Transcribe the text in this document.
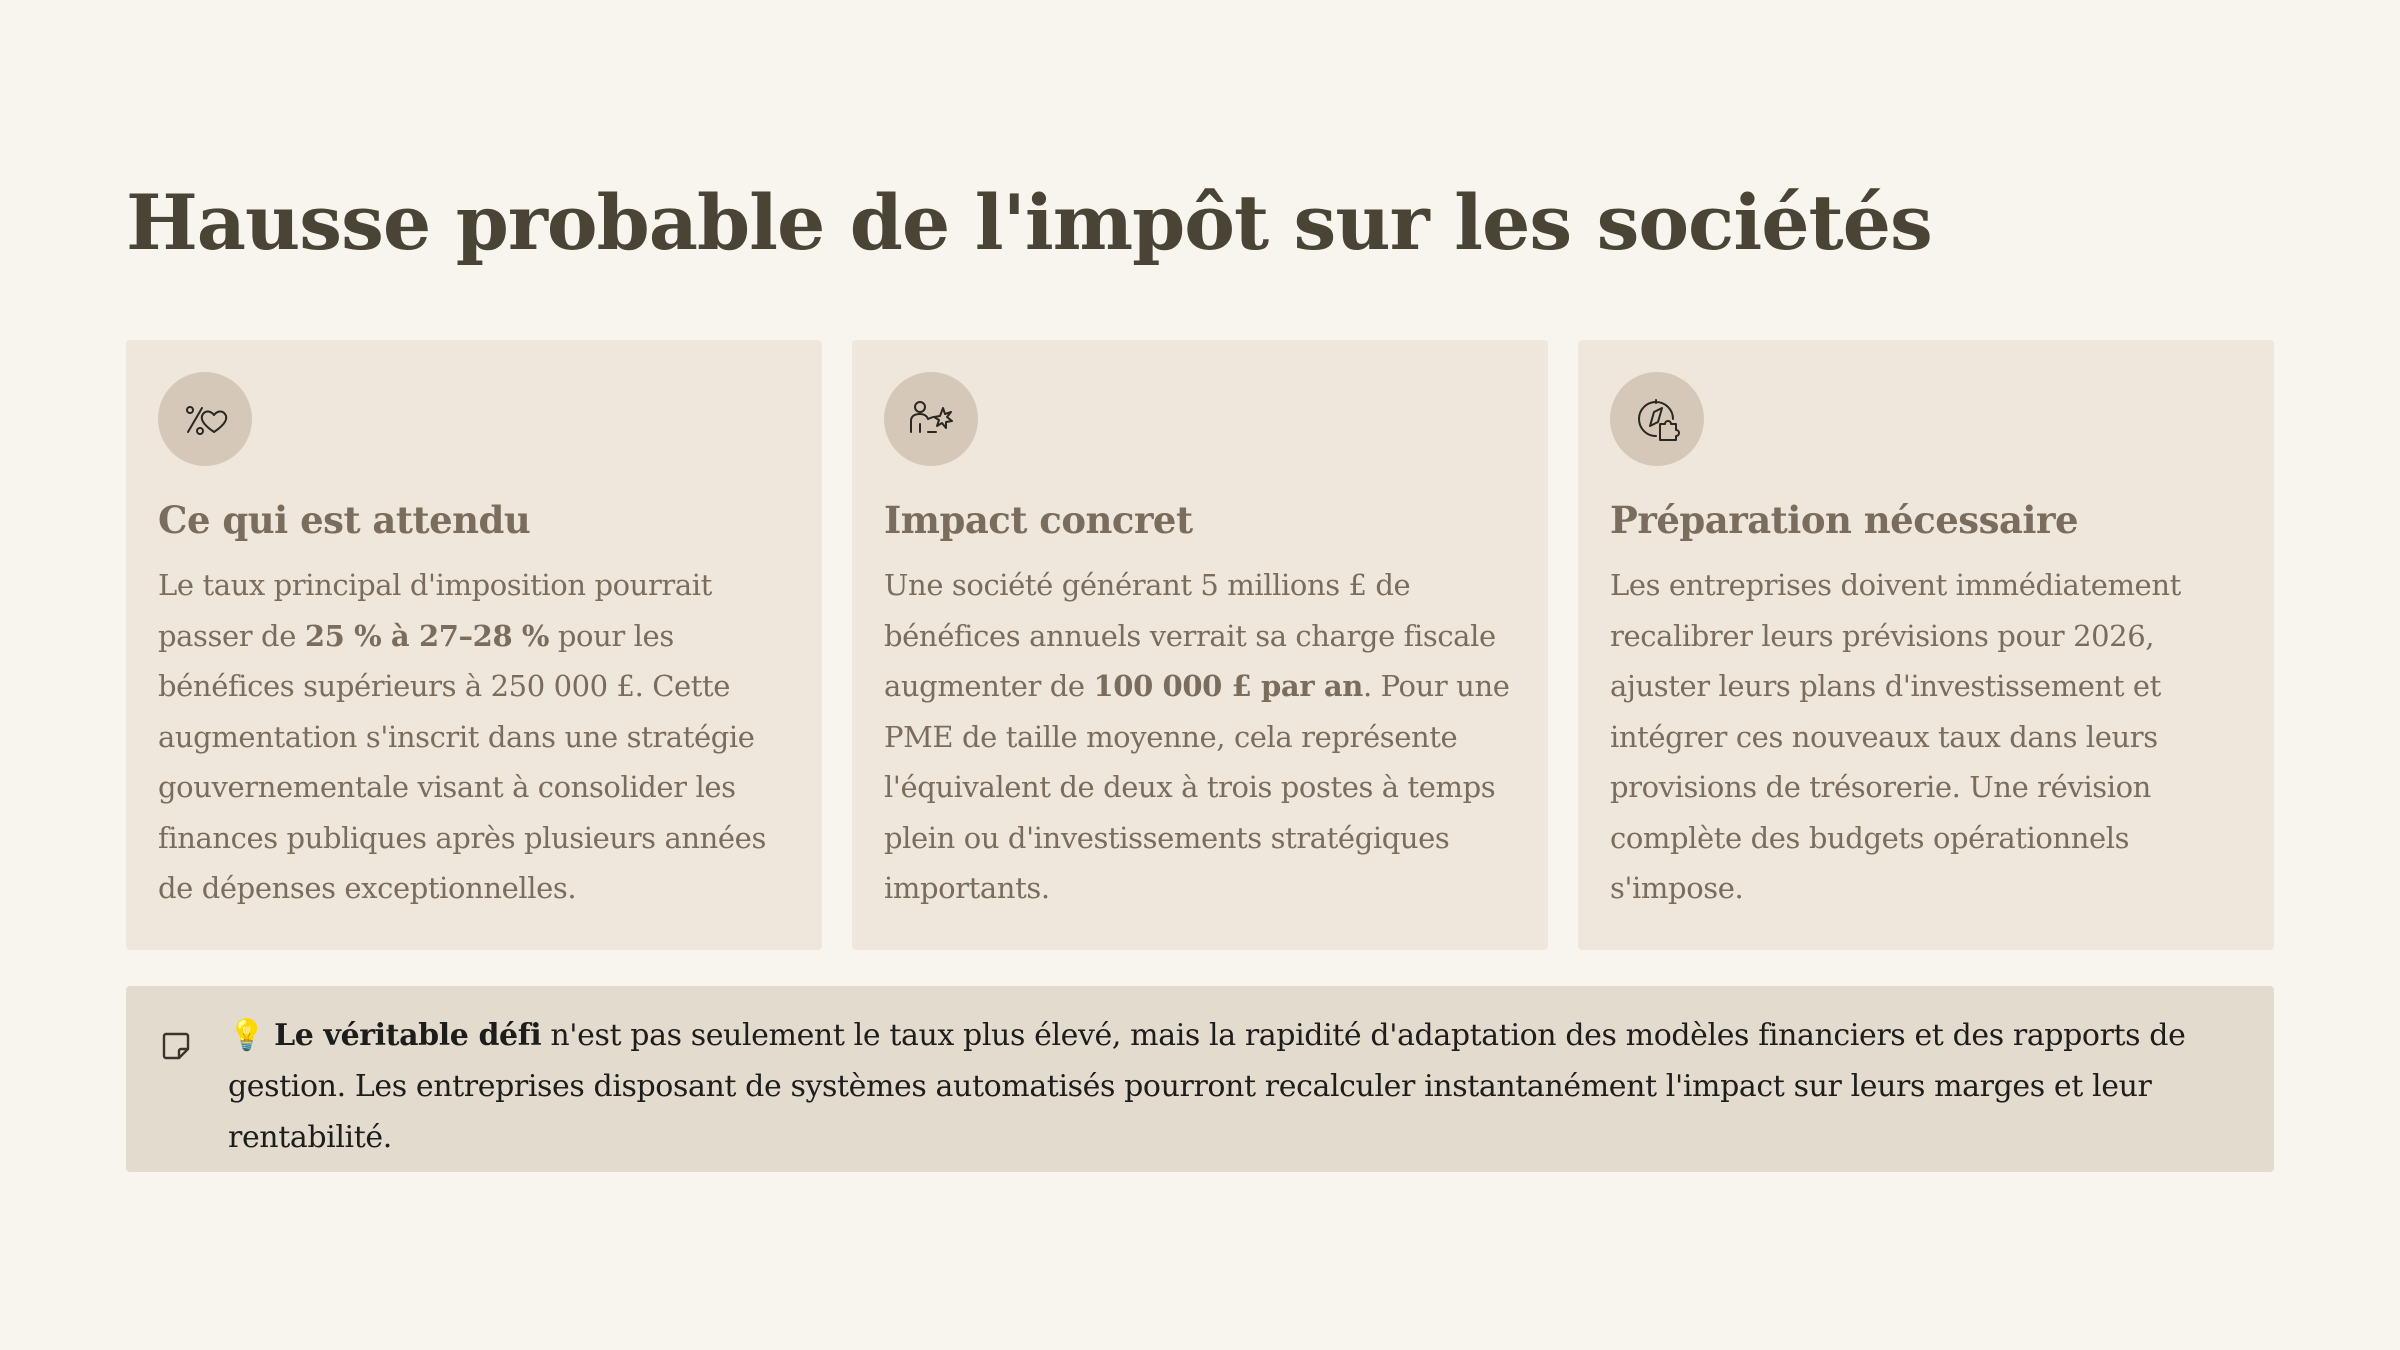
Hausse probable de l'impôt sur les sociétés
Ce qui est attendu

Le taux principal d'imposition pourrait passer de 25 % à 27–28 % pour les bénéfices supérieurs à 250 000 £. Cette augmentation s'inscrit dans une stratégie gouvernementale visant à consolider les finances publiques après plusieurs années de dépenses exceptionnelles.

Impact concret

Une société générant 5 millions £ de bénéfices annuels verrait sa charge fiscale augmenter de 100 000 £ par an. Pour une PME de taille moyenne, cela représente l'équivalent de deux à trois postes à temps plein ou d'investissements stratégiques importants.

Préparation nécessaire

Les entreprises doivent immédiatement recalibrer leurs prévisions pour 2026, ajuster leurs plans d'investissement et intégrer ces nouveaux taux dans leurs provisions de trésorerie. Une révision complète des budgets opérationnels s'impose.

💡 Le véritable défi n'est pas seulement le taux plus élevé, mais la rapidité d'adaptation des modèles financiers et des rapports de gestion. Les entreprises disposant de systèmes automatisés pourront recalculer instantanément l'impact sur leurs marges et leur rentabilité.
